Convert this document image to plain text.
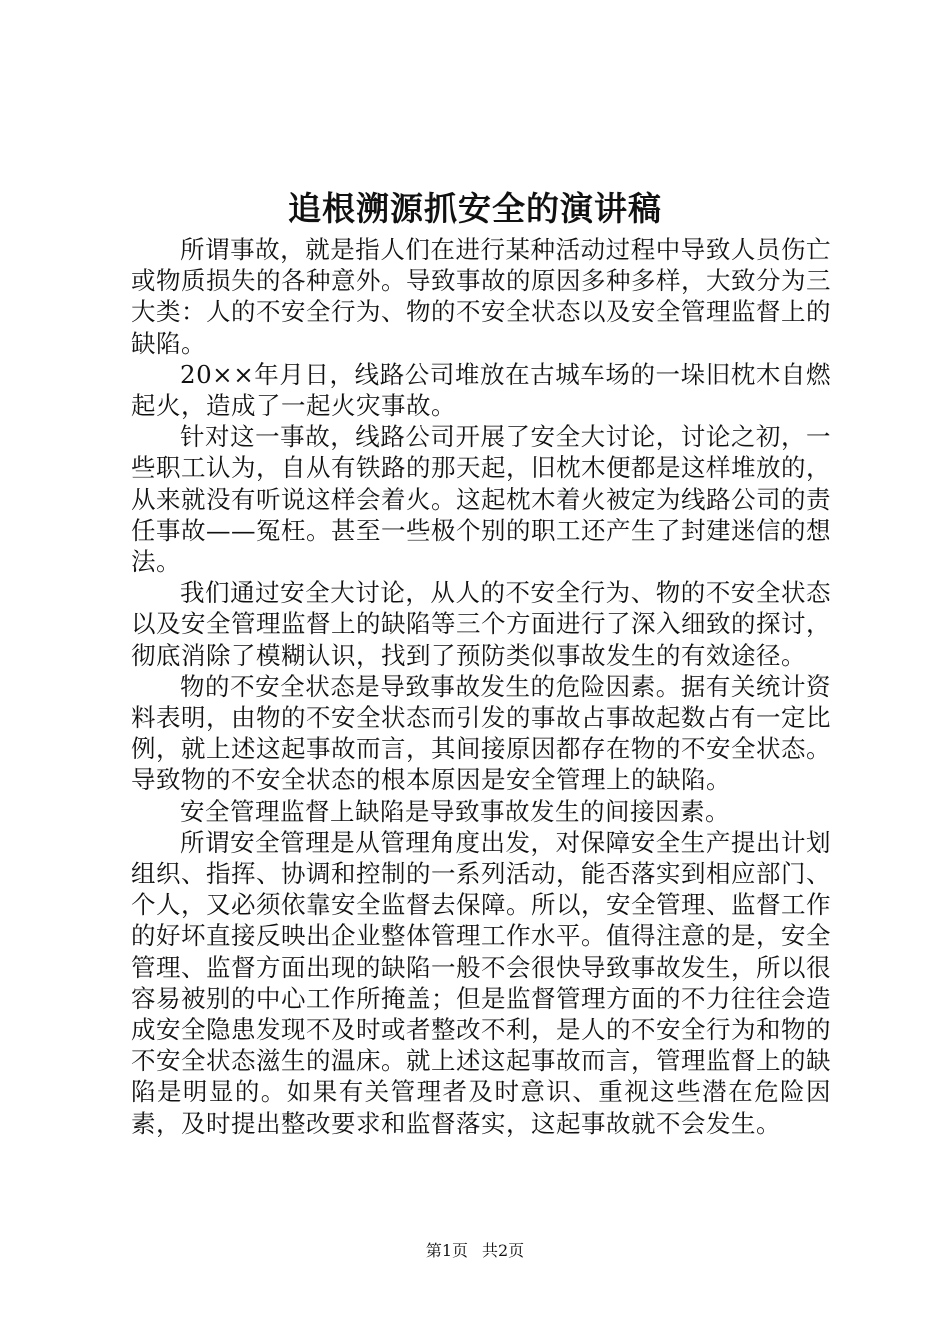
追根溯源抓安全的演讲稿

所谓事故，就是指人们在进行某种活动过程中导致人员伤亡或物质损失的各种意外。导致事故的原因多种多样，大致分为三大类：人的不安全行为、物的不安全状态以及安全管理监督上的缺陷。

20××年月日，线路公司堆放在古城车场的一垛旧枕木自燃起火，造成了一起火灾事故。

针对这一事故，线路公司开展了安全大讨论，讨论之初，一些职工认为，自从有铁路的那天起，旧枕木便都是这样堆放的，从来就没有听说这样会着火。这起枕木着火被定为线路公司的责任事故——冤枉。甚至一些极个别的职工还产生了封建迷信的想法。

我们通过安全大讨论，从人的不安全行为、物的不安全状态以及安全管理监督上的缺陷等三个方面进行了深入细致的探讨，彻底消除了模糊认识，找到了预防类似事故发生的有效途径。

物的不安全状态是导致事故发生的危险因素。据有关统计资料表明，由物的不安全状态而引发的事故占事故起数占有一定比例，就上述这起事故而言，其间接原因都存在物的不安全状态。导致物的不安全状态的根本原因是安全管理上的缺陷。

安全管理监督上缺陷是导致事故发生的间接因素。

所谓安全管理是从管理角度出发，对保障安全生产提出计划组织、指挥、协调和控制的一系列活动，能否落实到相应部门、个人，又必须依靠安全监督去保障。所以，安全管理、监督工作的好坏直接反映出企业整体管理工作水平。值得注意的是，安全管理、监督方面出现的缺陷一般不会很快导致事故发生，所以很容易被别的中心工作所掩盖；但是监督管理方面的不力往往会造成安全隐患发现不及时或者整改不利，是人的不安全行为和物的不安全状态滋生的温床。就上述这起事故而言，管理监督上的缺陷是明显的。如果有关管理者及时意识、重视这些潜在危险因素，及时提出整改要求和监督落实，这起事故就不会发生。

第1页 共2页
